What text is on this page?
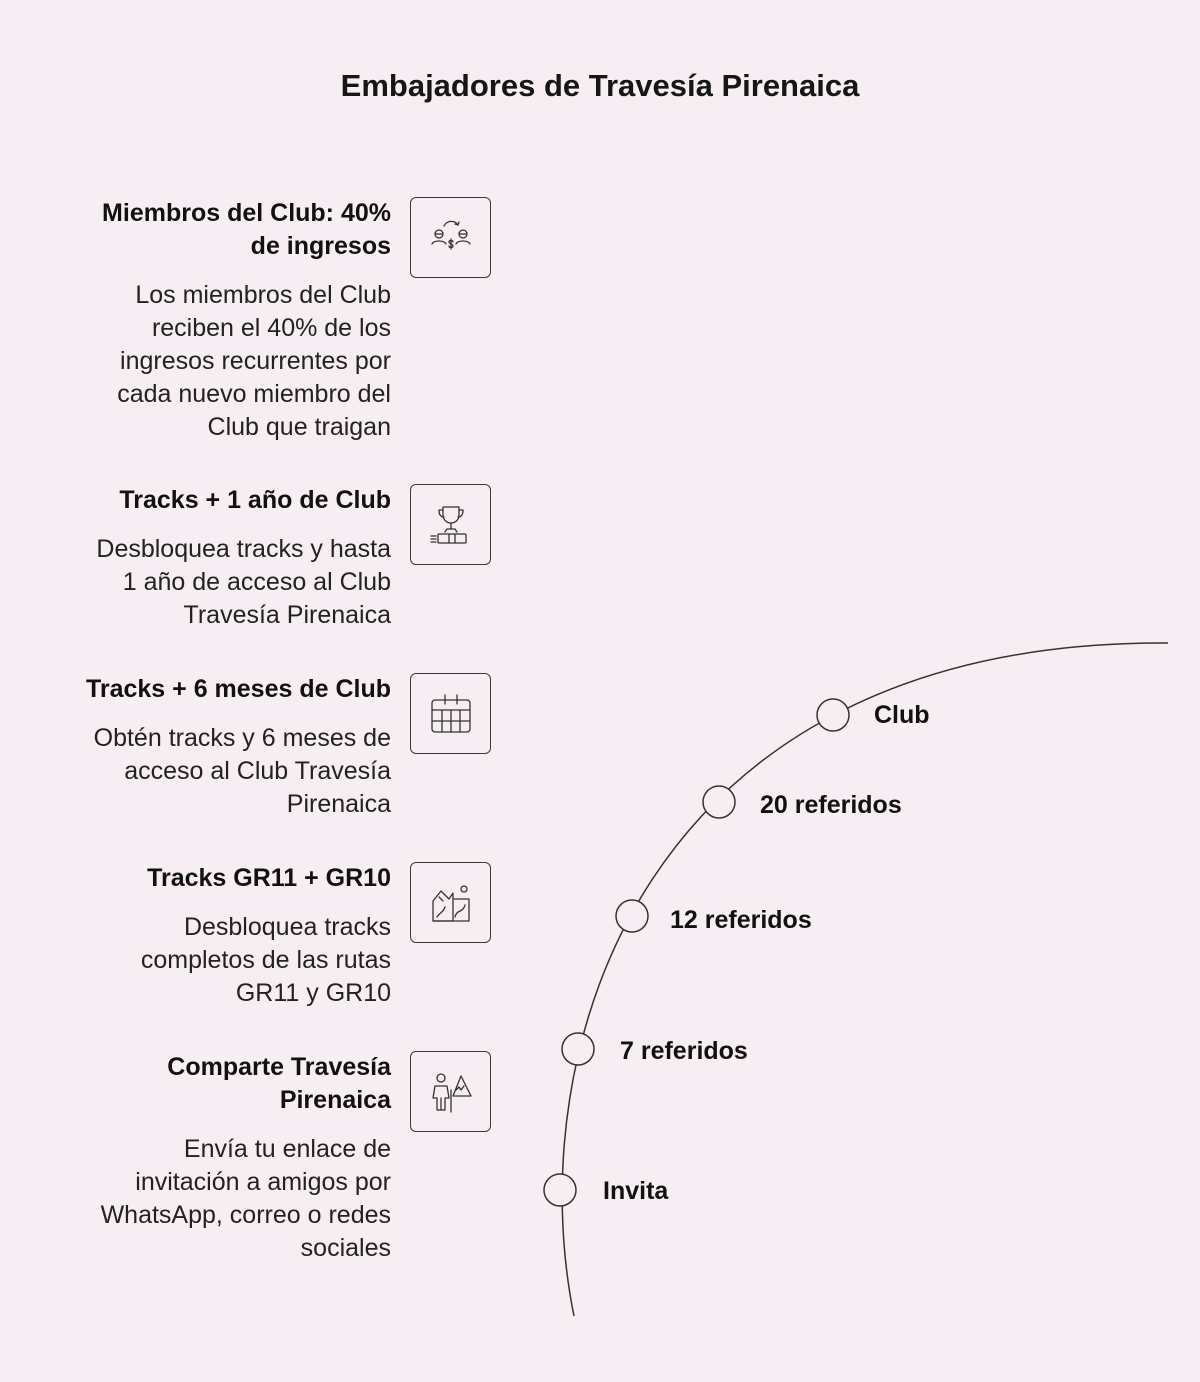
Embajadores de Travesía Pirenaica
Miembros del Club: 40%
de ingresos
Los miembros del Club
reciben el 40% de los
ingresos recurrentes por
cada nuevo miembro del
Club que traigan
Tracks + 1 año de Club
Desbloquea tracks y hasta
1 año de acceso al Club
Travesía Pirenaica
Tracks + 6 meses de Club
Obtén tracks y 6 meses de
acceso al Club Travesía
Pirenaica
Tracks GR11 + GR10
Desbloquea tracks
completos de las rutas
GR11 y GR10
Comparte Travesía
Pirenaica
Envía tu enlace de
invitación a amigos por
WhatsApp, correo o redes
sociales
Club
20 referidos
12 referidos
7 referidos
Invita
